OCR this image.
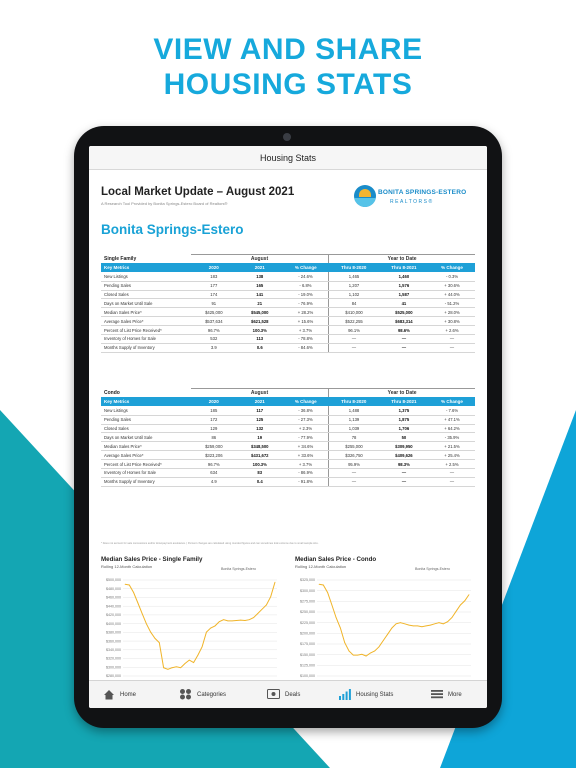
VIEW AND SHARE
HOUSING STATS
Housing Stats
Local Market Update – August 2021
A Research Tool Provided by Bonita Springs-Estero Board of Realtors®
BONITA SPRINGS-ESTERO
REALTORS®
Bonita Springs-Estero
Single Family	August			Year to Date		
Key Metrics	2020	2021	% Change	Thru 8-2020	Thru 8-2021	% Change
New Listings	183	138	- 24.6%	1,465	1,460	- 0.3%
Pending Sales	177	165	- 6.8%	1,207	1,576	+ 30.6%
Closed Sales	174	141	- 19.0%	1,102	1,587	+ 44.0%
Days on Market Until Sale	91	21	- 76.9%	84	41	- 51.2%
Median Sales Price*	$425,000	$545,000	+ 28.2%	$410,000	$525,000	+ 28.0%
Average Sales Price*	$537,634	$621,528	+ 15.6%	$522,255	$683,314	+ 30.8%
Percent of List Price Received*	96.7%	100.3%	+ 3.7%	96.1%	98.6%	+ 2.6%
Inventory of Homes for Sale	532	113	- 78.8%	—	—	—
Months Supply of Inventory	3.9	0.6	- 84.6%	—	—	—
Condo	August			Year to Date		
Key Metrics	2020	2021	% Change	Thru 8-2020	Thru 8-2021	% Change
New Listings	185	117	- 36.8%	1,488	1,375	- 7.6%
Pending Sales	172	125	- 27.3%	1,139	1,875	+ 47.1%
Closed Sales	129	132	+ 2.3%	1,039	1,706	+ 64.2%
Days on Market Until Sale	86	19	- 77.9%	78	50	- 35.9%
Median Sales Price*	$259,000	$348,500	+ 34.6%	$255,000	$309,950	+ 21.5%
Average Sales Price*	$323,206	$431,672	+ 33.6%	$326,750	$409,626	+ 25.4%
Percent of List Price Received*	96.7%	100.3%	+ 3.7%	95.9%	98.3%	+ 2.5%
Inventory of Homes for Sale	634	83	- 86.9%	—	—	—
Months Supply of Inventory	4.9	0.4	- 91.8%	—	—	—
* Does not account for sale concessions and/or downpayment assistance. | Percent changes are calculated using rounded figures and can sometimes look extreme due to small sample size.
Median Sales Price - Single Family
Rolling 12-Month Calculation	Bonita Springs-Estero
$500,000
$480,000
$460,000
$440,000
$420,000
$400,000
$380,000
$360,000
$340,000
$320,000
$300,000
$280,000
Median Sales Price - Condo
Rolling 12-Month Calculation	Bonita Springs-Estero
$325,000
$300,000
$275,000
$250,000
$225,000
$200,000
$175,000
$150,000
$125,000
$100,000
Home	Categories	Deals	Housing Stats	More
